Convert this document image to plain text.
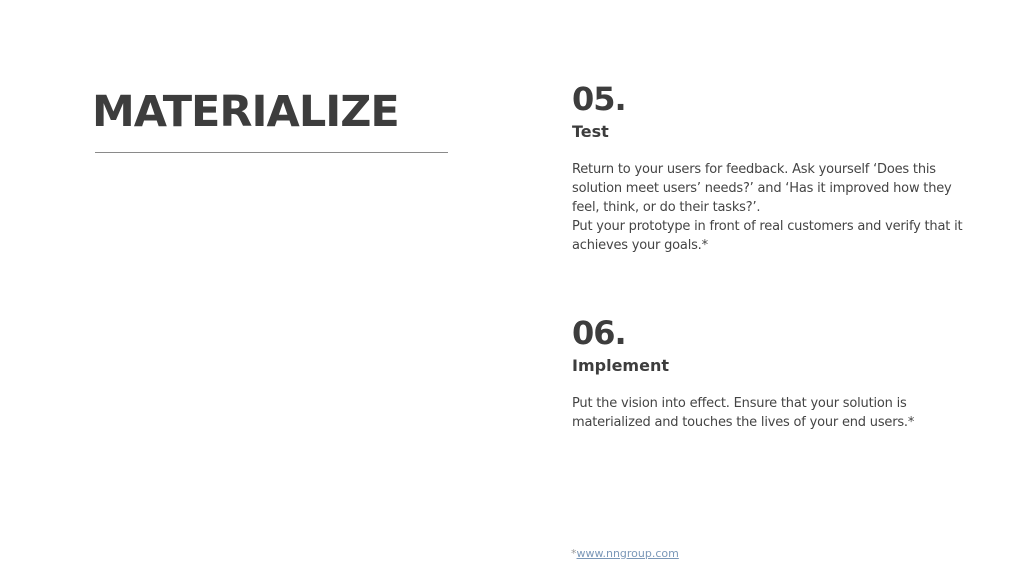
MATERIALIZE	05.
Test

Return to your users for feedback. Ask yourself ‘Does this solution meet users’ needs?’ and ‘Has it improved how they feel, think, or do their tasks?’.

Put your prototype in front of real customers and verify that it achieves your goals.*

06.
Implement

Put the vision into effect. Ensure that your solution is materialized and touches the lives of your end users.*

*www.nngroup.com
